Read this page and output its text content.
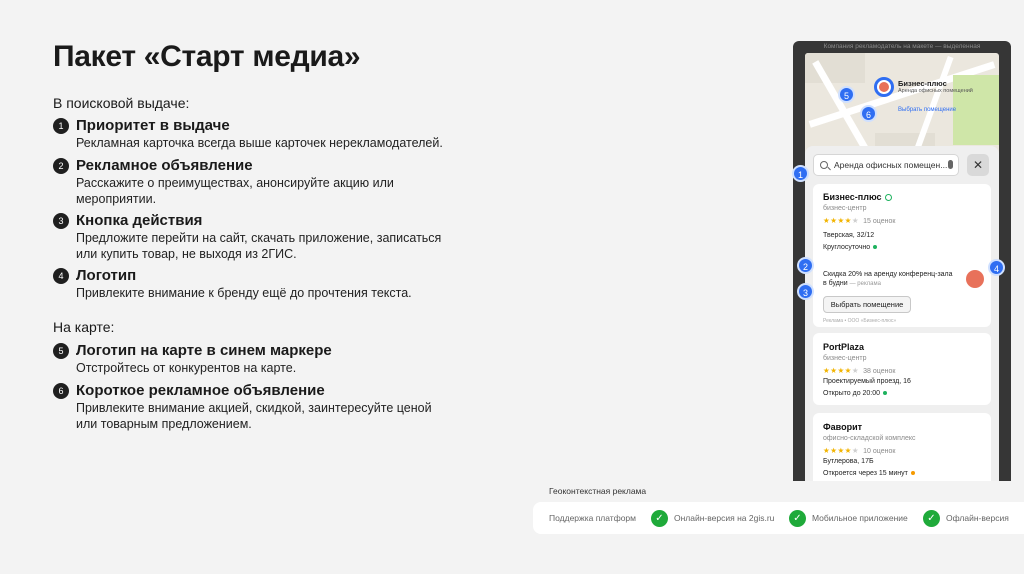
Пакет «Старт медиа»
В поисковой выдаче:
1 Приоритет в выдаче
Рекламная карточка всегда выше карточек нерекламодателей.
2 Рекламное объявление
Расскажите о преимуществах, анонсируйте акцию или
мероприятии.
3 Кнопка действия
Предложите перейти на сайт, скачать приложение, записаться
или купить товар, не выходя из 2ГИС.
4 Логотип
Привлеките внимание к бренду ещё до прочтения текста.
На карте:
5 Логотип на карте в синем маркере
Отстройтесь от конкурентов на карте.
6 Короткое рекламное объявление
Привлеките внимание акцией, скидкой, заинтересуйте ценой
или товарным предложением.
Компания рекламодатель на макете — выделенная
Бизнес-плюс
Аренда офисных помещений
Выбрать помещение
Аренда офисных помещен...	✕
Бизнес-плюс
бизнес-центр
★★★★★ 15 оценок
Тверская, 32/12
Круглосуточно
Скидка 20% на аренду конференц-зала в будни — реклама
Выбрать помещение
Реклама • ООО «Бизнес-плюс»
PortPlaza
бизнес-центр
★★★★★ 38 оценок
Проектируемый проезд, 16
Открыто до 20:00
Фаворит
офисно-складской комплекс
★★★★★ 10 оценок
Бутлерова, 17Б
Откроется через 15 минут
1
2
3
4
5
6
Геоконтекстная реклама
Поддержка платформ	✓	Онлайн-версия на 2gis.ru	✓	Мобильное приложение	✓	Офлайн-версия
